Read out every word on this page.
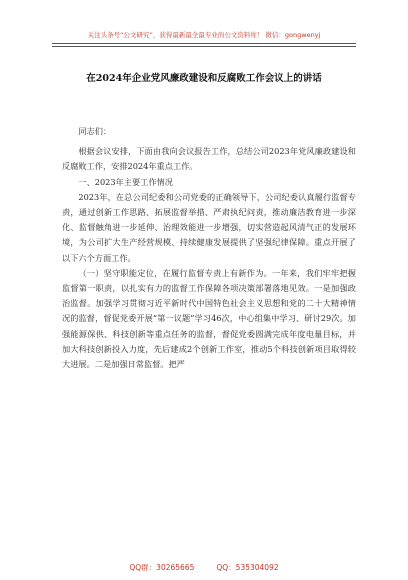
关注头条号“公文研究”，获得最新最全最专业的公文资料库！ 微信：gongwenyj
在2024年企业党风廉政建设和反腐败工作会议上的讲话

同志们：

根据会议安排，下面由我向会议报告工作，总结公司2023年党风廉政建设和反腐败工作，安排2024年重点工作。

一、2023年主要工作情况

2023年，在总公司纪委和公司党委的正确领导下，公司纪委认真履行监督专责，通过创新工作思路、拓展监督举措、严肃执纪问责，推动廉洁教育进一步深化、监督触角进一步延伸、治理效能进一步增强，切实营造起风清气正的发展环境，为公司扩大生产经营规模、持续健康发展提供了坚强纪律保障。重点开展了以下六个方面工作。

（一）坚守职能定位，在履行监督专责上有新作为。一年来，我们牢牢把握监督第一职责，以扎实有力的监督工作保障各项决策部署落地见效。一是加强政治监督。加强学习贯彻习近平新时代中国特色社会主义思想和党的二十大精神情况的监督，督促党委开展“第一议题”学习46次，中心组集中学习、研讨29次。加强能源保供、科技创新等重点任务的监督，督促党委圆满完成年度电量目标，并加大科技创新投入力度，先后建成2个创新工作室，推动5个科技创新项目取得较大进展。二是加强日常监督。把严

QQ群：30265665	QQ：535304092
